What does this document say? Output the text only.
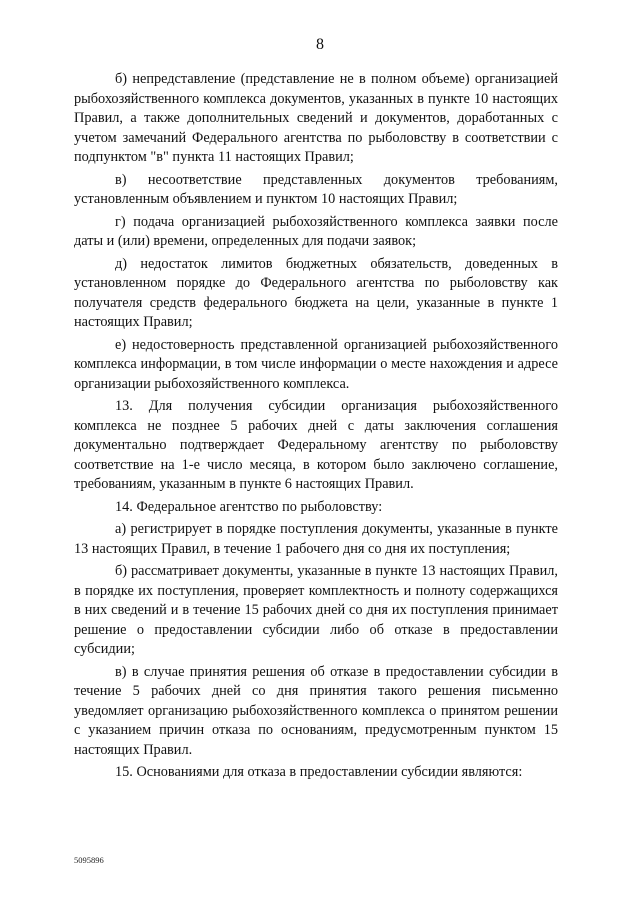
8

б) непредставление (представление не в полном объеме) организацией рыбохозяйственного комплекса документов, указанных в пункте 10 настоящих Правил, а также дополнительных сведений и документов, доработанных с учетом замечаний Федерального агентства по рыболовству в соответствии с подпунктом "в" пункта 11 настоящих Правил;

в) несоответствие представленных документов требованиям, установленным объявлением и пунктом 10 настоящих Правил;

г) подача организацией рыбохозяйственного комплекса заявки после даты и (или) времени, определенных для подачи заявок;

д) недостаток лимитов бюджетных обязательств, доведенных в установленном порядке до Федерального агентства по рыболовству как получателя средств федерального бюджета на цели, указанные в пункте 1 настоящих Правил;

е) недостоверность представленной организацией рыбохозяйственного комплекса информации, в том числе информации о месте нахождения и адресе организации рыбохозяйственного комплекса.

13. Для получения субсидии организация рыбохозяйственного комплекса не позднее 5 рабочих дней с даты заключения соглашения документально подтверждает Федеральному агентству по рыболовству соответствие на 1-е число месяца, в котором было заключено соглашение, требованиям, указанным в пункте 6 настоящих Правил.

14. Федеральное агентство по рыболовству:

а) регистрирует в порядке поступления документы, указанные в пункте 13 настоящих Правил, в течение 1 рабочего дня со дня их поступления;

б) рассматривает документы, указанные в пункте 13 настоящих Правил, в порядке их поступления, проверяет комплектность и полноту содержащихся в них сведений и в течение 15 рабочих дней со дня их поступления принимает решение о предоставлении субсидии либо об отказе в предоставлении субсидии;

в) в случае принятия решения об отказе в предоставлении субсидии в течение 5 рабочих дней со дня принятия такого решения письменно уведомляет организацию рыбохозяйственного комплекса о принятом решении с указанием причин отказа по основаниям, предусмотренным пунктом 15 настоящих Правил.

15. Основаниями для отказа в предоставлении субсидии являются:

5095896
